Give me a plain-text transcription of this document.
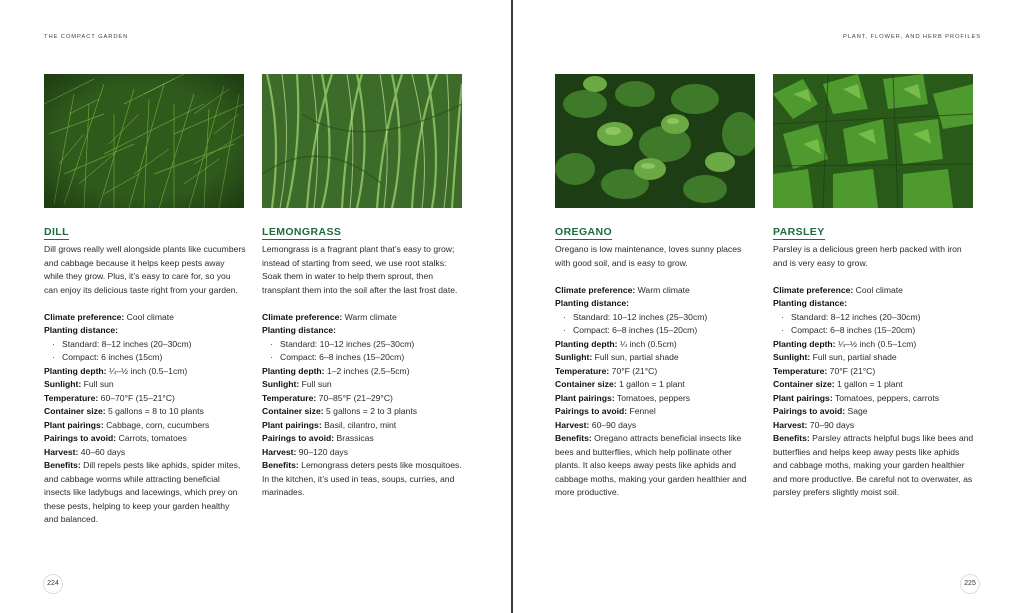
THE COMPACT GARDEN
DILL

Dill grows really well alongside plants like cucumbers and cabbage because it helps keep pests away while they grow. Plus, it’s easy to care for, so you can enjoy its delicious taste right from your garden.

Climate preference: Cool climate
Planting distance:
· Standard: 8–12 inches (20–30cm)
· Compact: 6 inches (15cm)
Planting depth: ¼–½ inch (0.5–1cm)
Sunlight: Full sun
Temperature: 60–70°F (15–21°C)
Container size: 5 gallons = 8 to 10 plants
Plant pairings: Cabbage, corn, cucumbers
Pairings to avoid: Carrots, tomatoes
Harvest: 40–60 days
Benefits: Dill repels pests like aphids, spider mites, and cabbage worms while attracting beneficial insects like ladybugs and lacewings, which prey on these pests, helping to keep your garden healthy and balanced.
LEMONGRASS

Lemongrass is a fragrant plant that’s easy to grow; instead of starting from seed, we use root stalks: Soak them in water to help them sprout, then transplant them into the soil after the last frost date.

Climate preference: Warm climate
Planting distance:
· Standard: 10–12 inches (25–30cm)
· Compact: 6–8 inches (15–20cm)
Planting depth: 1–2 inches (2.5–5cm)
Sunlight: Full sun
Temperature: 70–85°F (21–29°C)
Container size: 5 gallons = 2 to 3 plants
Plant pairings: Basil, cilantro, mint
Pairings to avoid: Brassicas
Harvest: 90–120 days
Benefits: Lemongrass deters pests like mosquitoes. In the kitchen, it’s used in teas, soups, curries, and marinades.
224
PLANT, FLOWER, AND HERB PROFILES
OREGANO

Oregano is low maintenance, loves sunny places with good soil, and is easy to grow.

Climate preference: Warm climate
Planting distance:
· Standard: 10–12 inches (25–30cm)
· Compact: 6–8 inches (15–20cm)
Planting depth: ¼ inch (0.5cm)
Sunlight: Full sun, partial shade
Temperature: 70°F (21°C)
Container size: 1 gallon = 1 plant
Plant pairings: Tomatoes, peppers
Pairings to avoid: Fennel
Harvest: 60–90 days
Benefits: Oregano attracts beneficial insects like bees and butterflies, which help pollinate other plants. It also keeps away pests like aphids and cabbage moths, making your garden healthier and more productive.
PARSLEY

Parsley is a delicious green herb packed with iron and is very easy to grow.

Climate preference: Cool climate
Planting distance:
· Standard: 8–12 inches (20–30cm)
· Compact: 6–8 inches (15–20cm)
Planting depth: ¼–½ inch (0.5–1cm)
Sunlight: Full sun, partial shade
Temperature: 70°F (21°C)
Container size: 1 gallon = 1 plant
Plant pairings: Tomatoes, peppers, carrots
Pairings to avoid: Sage
Harvest: 70–90 days
Benefits: Parsley attracts helpful bugs like bees and butterflies and helps keep away pests like aphids and cabbage moths, making your garden healthier and more productive. Be careful not to overwater, as parsley prefers slightly moist soil.
225
